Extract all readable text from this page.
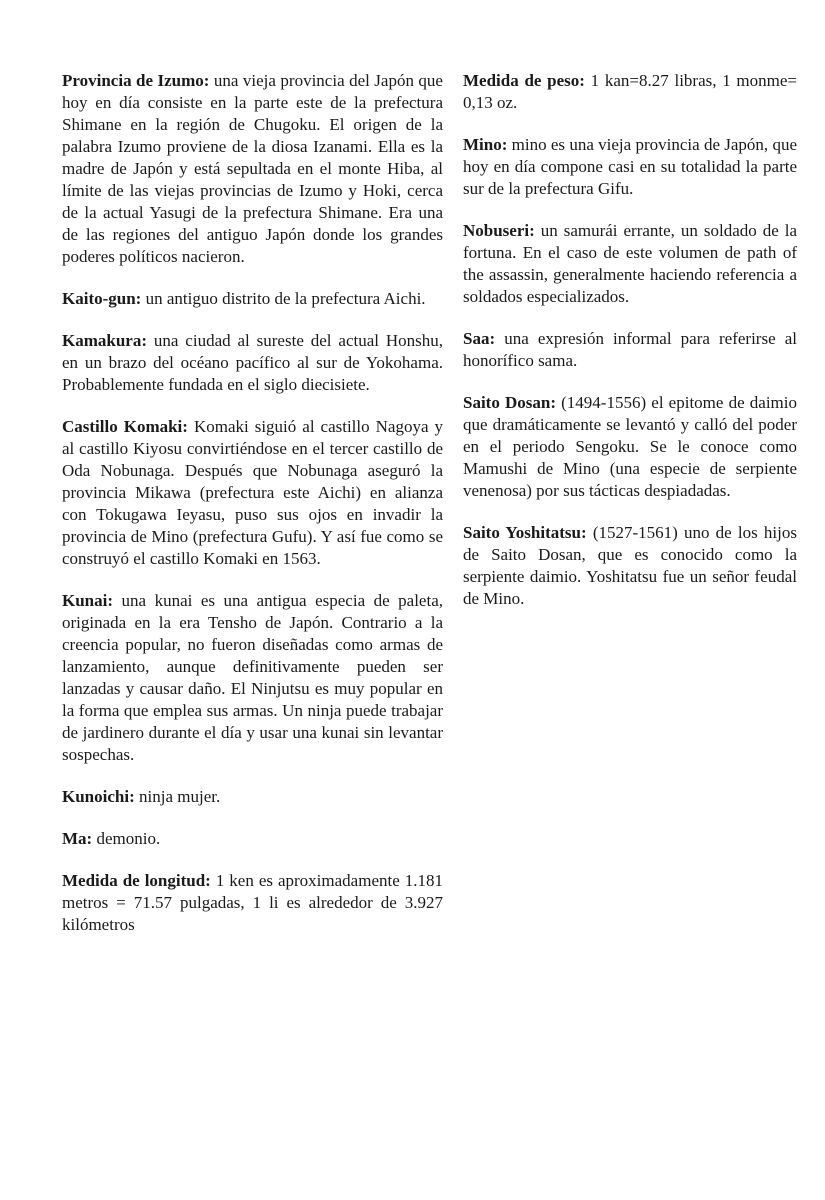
Provincia de Izumo: una vieja provincia del Japón que hoy en día consiste en la parte este de la prefectura Shimane en la región de Chugoku. El origen de la palabra Izumo proviene de la diosa Izanami. Ella es la madre de Japón y está sepultada en el monte Hiba, al límite de las viejas provincias de Izumo y Hoki, cerca de la actual Yasugi de la prefectura Shimane. Era una de las regiones del antiguo Japón donde los grandes poderes políticos nacieron.

Kaito-gun: un antiguo distrito de la prefectura Aichi.

Kamakura: una ciudad al sureste del actual Honshu, en un brazo del océano pacífico al sur de Yokohama. Probablemente fundada en el siglo diecisiete.

Castillo Komaki: Komaki siguió al castillo Nagoya y al castillo Kiyosu convirtiéndose en el tercer castillo de Oda Nobunaga. Después que Nobunaga aseguró la provincia Mikawa (prefectura este Aichi) en alianza con Tokugawa Ieyasu, puso sus ojos en invadir la provincia de Mino (prefectura Gufu). Y así fue como se construyó el castillo Komaki en 1563.

Kunai: una kunai es una antigua especia de paleta, originada en la era Tensho de Japón. Contrario a la creencia popular, no fueron diseñadas como armas de lanzamiento, aunque definitivamente pueden ser lanzadas y causar daño. El Ninjutsu es muy popular en la forma que emplea sus armas. Un ninja puede trabajar de jardinero durante el día y usar una kunai sin levantar sospechas.

Kunoichi: ninja mujer.

Ma: demonio.

Medida de longitud: 1 ken es aproximadamente 1.181 metros = 71.57 pulgadas, 1 li es alrededor de 3.927 kilómetros

Medida de peso: 1 kan=8.27 libras, 1 monme= 0,13 oz.

Mino: mino es una vieja provincia de Japón, que hoy en día compone casi en su totalidad la parte sur de la prefectura Gifu.

Nobuseri: un samurái errante, un soldado de la fortuna. En el caso de este volumen de path of the assassin, generalmente haciendo referencia a soldados especializados.

Saa: una expresión informal para referirse al honorífico sama.

Saito Dosan: (1494-1556) el epitome de daimio que dramáticamente se levantó y calló del poder en el periodo Sengoku. Se le conoce como Mamushi de Mino (una especie de serpiente venenosa) por sus tácticas despiadadas.

Saito Yoshitatsu: (1527-1561) uno de los hijos de Saito Dosan, que es conocido como la serpiente daimio. Yoshitatsu fue un señor feudal de Mino.
